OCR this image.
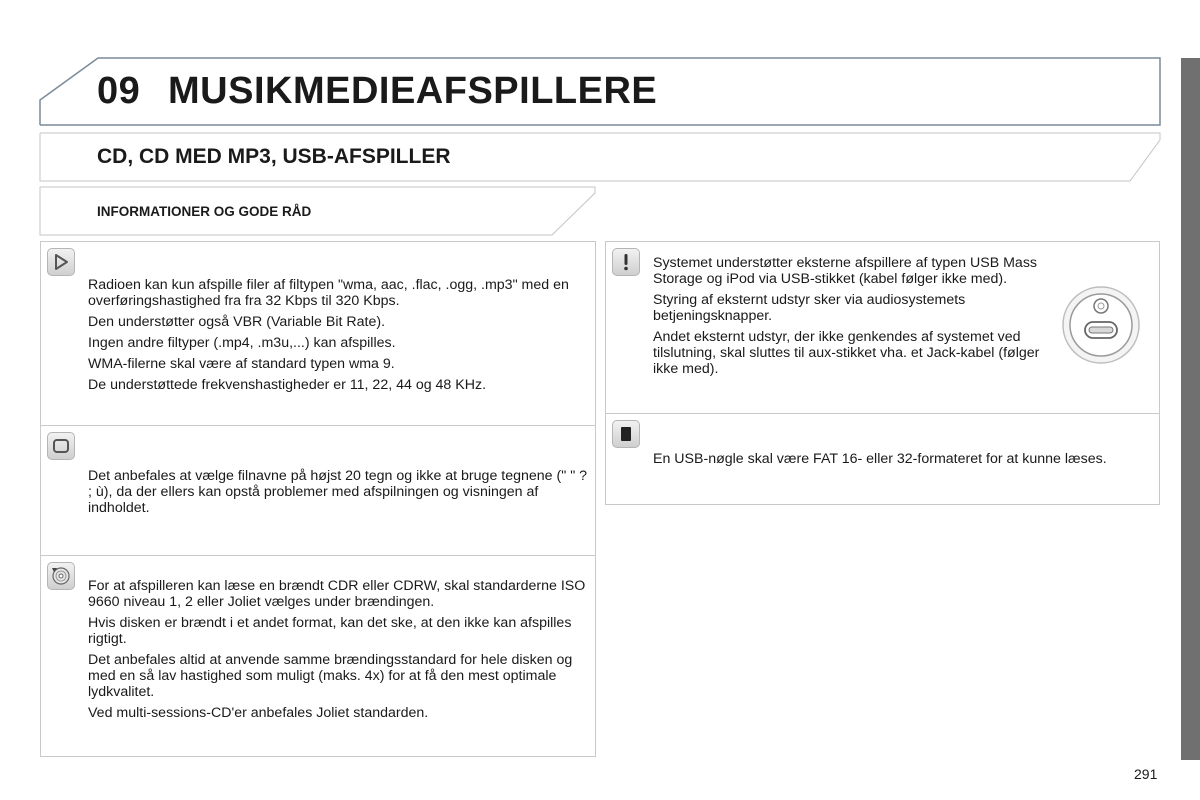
09 MUSIKMEDIEAFSPILLERE
CD, CD MED MP3, USB-AFSPILLER
INFORMATIONER OG GODE RÅD

Radioen kan kun afspille filer af filtypen "wma, aac, .flac, .ogg, .mp3" med en overføringshastighed fra fra 32 Kbps til 320 Kbps.

Den understøtter også VBR (Variable Bit Rate).

Ingen andre filtyper (.mp4, .m3u,...) kan afspilles.

WMA-filerne skal være af standard typen wma 9.

De understøttede frekvenshastigheder er 11, 22, 44 og 48 KHz.

Det anbefales at vælge filnavne på højst 20 tegn og ikke at bruge tegnene (" " ? ; ù), da der ellers kan opstå problemer med afspilningen og visningen af indholdet.

For at afspilleren kan læse en brændt CDR eller CDRW, skal standarderne ISO 9660 niveau 1, 2 eller Joliet vælges under brændingen.

Hvis disken er brændt i et andet format, kan det ske, at den ikke kan afspilles rigtigt.

Det anbefales altid at anvende samme brændingsstandard for hele disken og med en så lav hastighed som muligt (maks. 4x) for at få den mest optimale lydkvalitet.

Ved multi-sessions-CD'er anbefales Joliet standarden.

Systemet understøtter eksterne afspillere af typen USB Mass Storage og iPod via USB-stikket (kabel følger ikke med).

Styring af eksternt udstyr sker via audiosystemets betjeningsknapper.

Andet eksternt udstyr, der ikke genkendes af systemet ved tilslutning, skal sluttes til aux-stikket vha. et Jack-kabel (følger ikke med).

En USB-nøgle skal være FAT 16- eller 32-formateret for at kunne læses.

291
